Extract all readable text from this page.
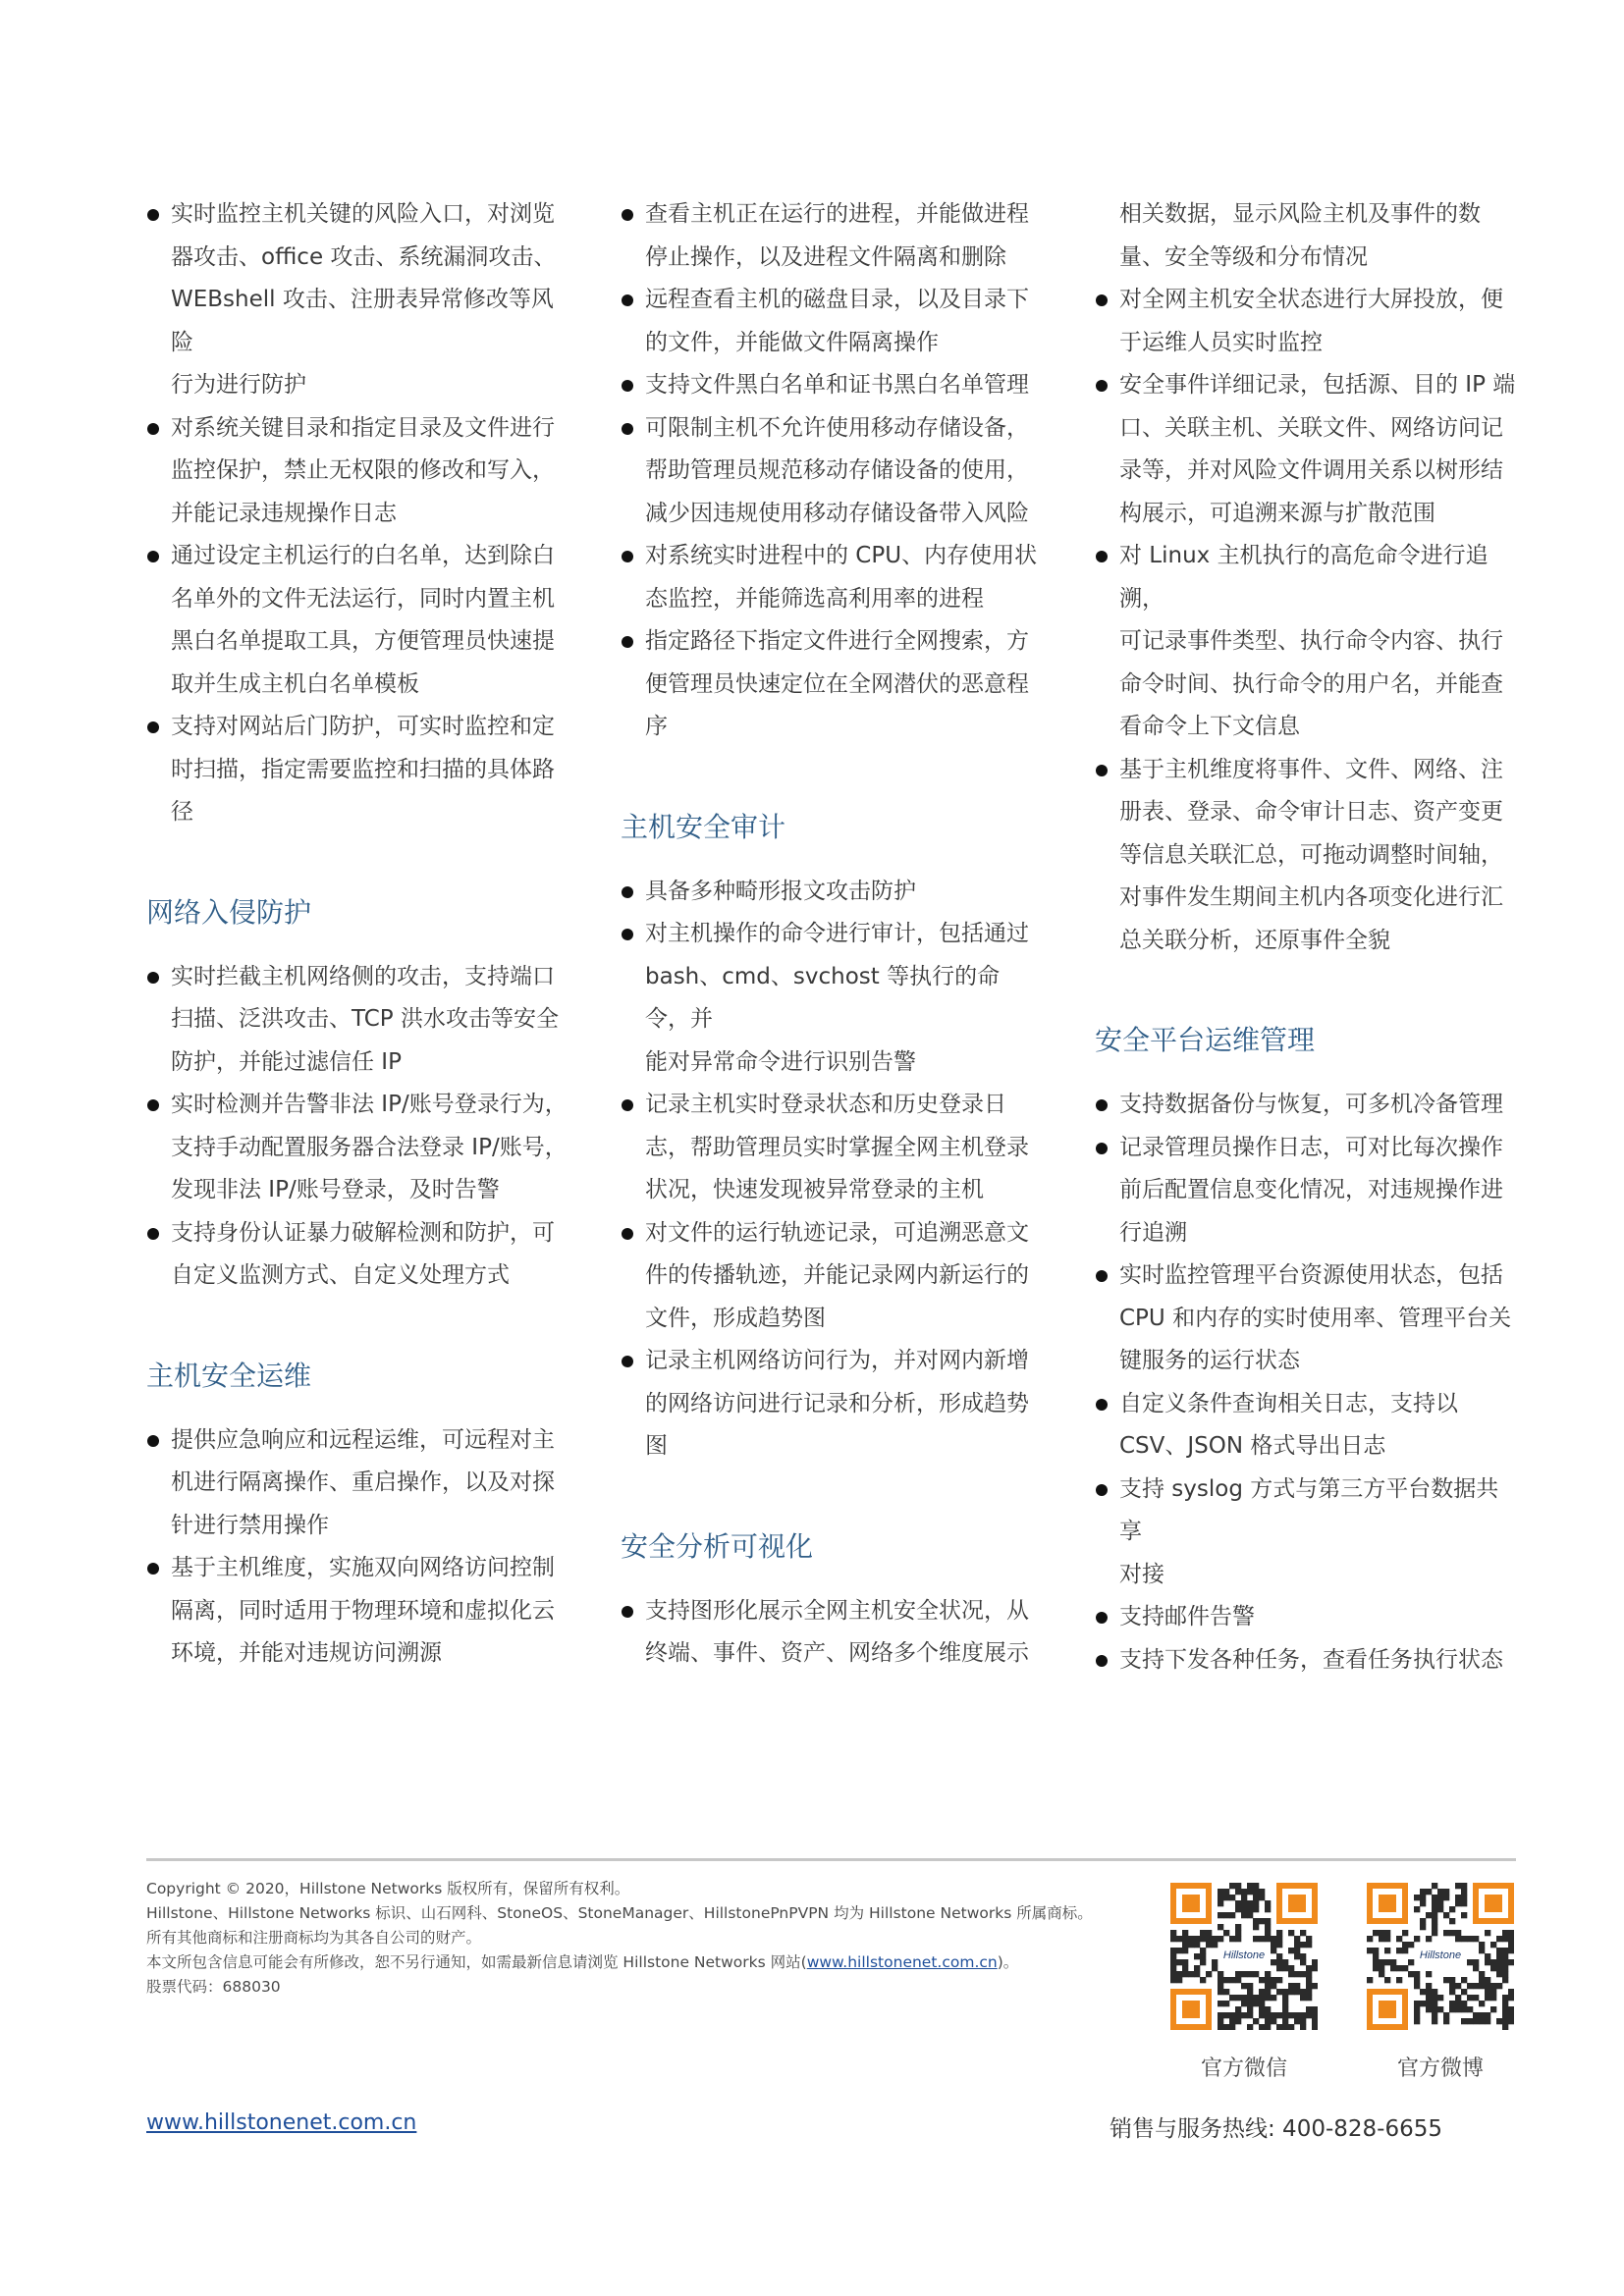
实时监控主机关键的风险入口，对浏览
器攻击、office 攻击、系统漏洞攻击、
WEBshell 攻击、注册表异常修改等风险
行为进行防护
对系统关键目录和指定目录及文件进行
监控保护，禁止无权限的修改和写入，
并能记录违规操作日志
通过设定主机运行的白名单，达到除白
名单外的文件无法运行，同时内置主机
黑白名单提取工具，方便管理员快速提
取并生成主机白名单模板
支持对网站后门防护，可实时监控和定
时扫描，指定需要监控和扫描的具体路
径
网络入侵防护
实时拦截主机网络侧的攻击，支持端口
扫描、泛洪攻击、TCP 洪水攻击等安全
防护，并能过滤信任 IP
实时检测并告警非法 IP/账号登录行为，
支持手动配置服务器合法登录 IP/账号，
发现非法 IP/账号登录，及时告警
支持身份认证暴力破解检测和防护，可
自定义监测方式、自定义处理方式
主机安全运维
提供应急响应和远程运维，可远程对主
机进行隔离操作、重启操作，以及对探
针进行禁用操作
基于主机维度，实施双向网络访问控制
隔离，同时适用于物理环境和虚拟化云
环境，并能对违规访问溯源
查看主机正在运行的进程，并能做进程
停止操作，以及进程文件隔离和删除
远程查看主机的磁盘目录，以及目录下
的文件，并能做文件隔离操作
支持文件黑白名单和证书黑白名单管理
可限制主机不允许使用移动存储设备，
帮助管理员规范移动存储设备的使用，
减少因违规使用移动存储设备带入风险
对系统实时进程中的 CPU、内存使用状
态监控，并能筛选高利用率的进程
指定路径下指定文件进行全网搜索，方
便管理员快速定位在全网潜伏的恶意程
序
主机安全审计
具备多种畸形报文攻击防护
对主机操作的命令进行审计，包括通过
bash、cmd、svchost 等执行的命令，并
能对异常命令进行识别告警
记录主机实时登录状态和历史登录日
志，帮助管理员实时掌握全网主机登录
状况，快速发现被异常登录的主机
对文件的运行轨迹记录，可追溯恶意文
件的传播轨迹，并能记录网内新运行的
文件，形成趋势图
记录主机网络访问行为，并对网内新增
的网络访问进行记录和分析，形成趋势
图
安全分析可视化
支持图形化展示全网主机安全状况，从
终端、事件、资产、网络多个维度展示
相关数据，显示风险主机及事件的数
量、安全等级和分布情况
对全网主机安全状态进行大屏投放，便
于运维人员实时监控
安全事件详细记录，包括源、目的 IP 端
口、关联主机、关联文件、网络访问记
录等，并对风险文件调用关系以树形结
构展示，可追溯来源与扩散范围
对 Linux 主机执行的高危命令进行追溯，
可记录事件类型、执行命令内容、执行
命令时间、执行命令的用户名，并能查
看命令上下文信息
基于主机维度将事件、文件、网络、注
册表、登录、命令审计日志、资产变更
等信息关联汇总，可拖动调整时间轴，
对事件发生期间主机内各项变化进行汇
总关联分析，还原事件全貌
安全平台运维管理
支持数据备份与恢复，可多机冷备管理
记录管理员操作日志，可对比每次操作
前后配置信息变化情况，对违规操作进
行追溯
实时监控管理平台资源使用状态，包括
CPU 和内存的实时使用率、管理平台关
键服务的运行状态
自定义条件查询相关日志，支持以
CSV、JSON 格式导出日志
支持 syslog 方式与第三方平台数据共享
对接
支持邮件告警
支持下发各种任务，查看任务执行状态

Copyright © 2020，Hillstone Networks 版权所有，保留所有权利。

Hillstone、Hillstone Networks 标识、山石网科、StoneOS、StoneManager、HillstonePnPVPN 均为 Hillstone Networks 所属商标。

所有其他商标和注册商标均为其各自公司的财产。

本文所包含信息可能会有所修改，恕不另行通知，如需最新信息请浏览 Hillstone Networks 网站(www.hillstonenet.com.cn)。

股票代码：688030

Hillstone	Hillstone
官方微信	官方微博
www.hillstonenet.com.cn	销售与服务热线: 400-828-6655
